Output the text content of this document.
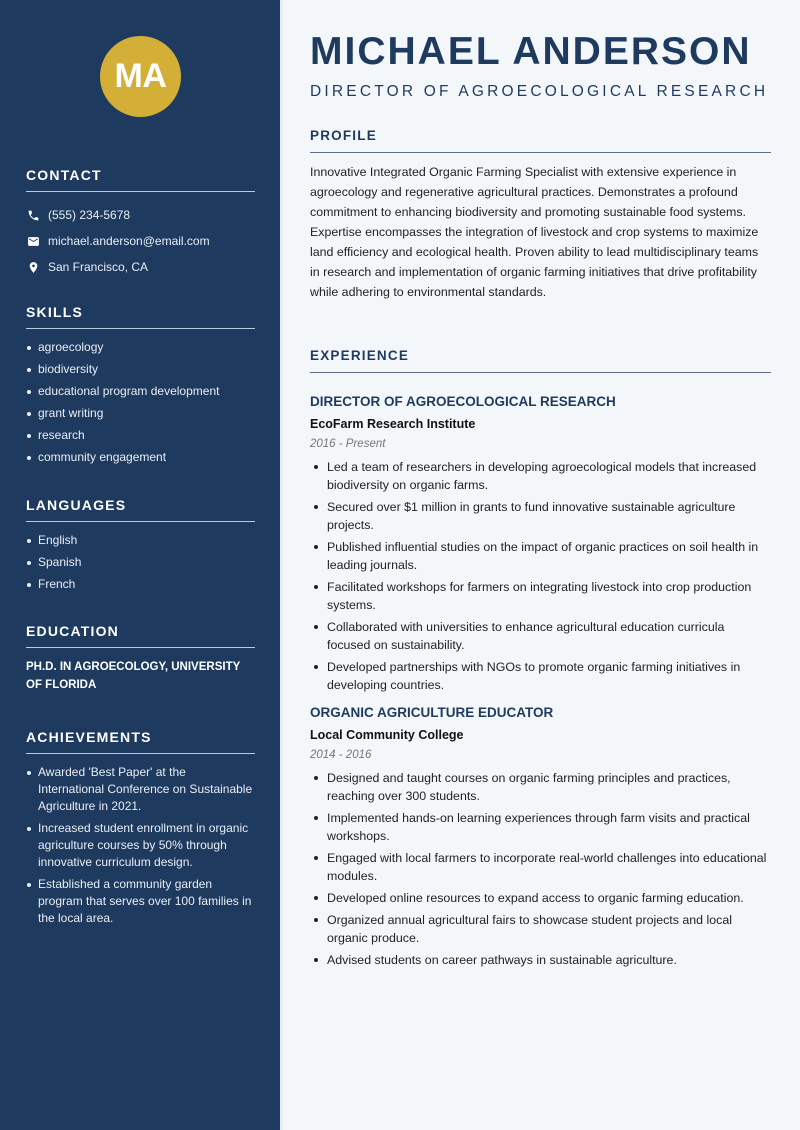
MA
CONTACT
(555) 234-5678
michael.anderson@email.com
San Francisco, CA
SKILLS
agroecology
biodiversity
educational program development
grant writing
research
community engagement
LANGUAGES
English
Spanish
French
EDUCATION
PH.D. IN AGROECOLOGY, UNIVERSITY OF FLORIDA
ACHIEVEMENTS
Awarded 'Best Paper' at the International Conference on Sustainable Agriculture in 2021.
Increased student enrollment in organic agriculture courses by 50% through innovative curriculum design.
Established a community garden program that serves over 100 families in the local area.
MICHAEL ANDERSON
DIRECTOR OF AGROECOLOGICAL RESEARCH
PROFILE

Innovative Integrated Organic Farming Specialist with extensive experience in agroecology and regenerative agricultural practices. Demonstrates a profound commitment to enhancing biodiversity and promoting sustainable food systems. Expertise encompasses the integration of livestock and crop systems to maximize land efficiency and ecological health. Proven ability to lead multidisciplinary teams in research and implementation of organic farming initiatives that drive profitability while adhering to environmental standards.

EXPERIENCE
DIRECTOR OF AGROECOLOGICAL RESEARCH
EcoFarm Research Institute
2016 - Present
Led a team of researchers in developing agroecological models that increased biodiversity on organic farms.
Secured over $1 million in grants to fund innovative sustainable agriculture projects.
Published influential studies on the impact of organic practices on soil health in leading journals.
Facilitated workshops for farmers on integrating livestock into crop production systems.
Collaborated with universities to enhance agricultural education curricula focused on sustainability.
Developed partnerships with NGOs to promote organic farming initiatives in developing countries.
ORGANIC AGRICULTURE EDUCATOR
Local Community College
2014 - 2016
Designed and taught courses on organic farming principles and practices, reaching over 300 students.
Implemented hands-on learning experiences through farm visits and practical workshops.
Engaged with local farmers to incorporate real-world challenges into educational modules.
Developed online resources to expand access to organic farming education.
Organized annual agricultural fairs to showcase student projects and local organic produce.
Advised students on career pathways in sustainable agriculture.
